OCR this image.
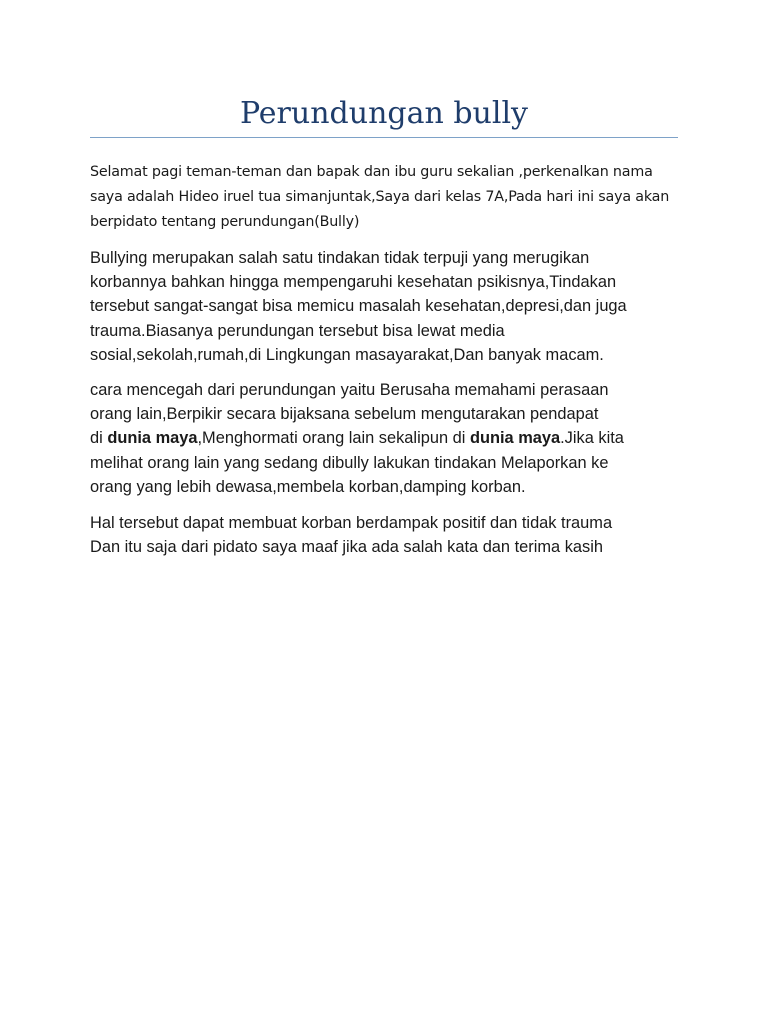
Perundungan bully
Selamat pagi teman-teman dan bapak dan ibu guru sekalian ,perkenalkan nama
saya adalah Hideo iruel tua simanjuntak,Saya dari kelas 7A,Pada hari ini saya akan
berpidato tentang perundungan(Bully)
Bullying merupakan salah satu tindakan tidak terpuji yang merugikan
korbannya bahkan hingga mempengaruhi kesehatan psikisnya,Tindakan
tersebut sangat-sangat bisa memicu masalah kesehatan,depresi,dan juga
trauma.Biasanya perundungan tersebut bisa lewat media
sosial,sekolah,rumah,di Lingkungan masayarakat,Dan banyak macam.
cara mencegah dari perundungan yaitu Berusaha memahami perasaan
orang lain,Berpikir secara bijaksana sebelum mengutarakan pendapat
di dunia maya,Menghormati orang lain sekalipun di dunia maya.Jika kita
melihat orang lain yang sedang dibully lakukan tindakan Melaporkan ke
orang yang lebih dewasa,membela korban,damping korban.
Hal tersebut dapat membuat korban berdampak positif dan tidak trauma
Dan itu saja dari pidato saya maaf jika ada salah kata dan terima kasih
